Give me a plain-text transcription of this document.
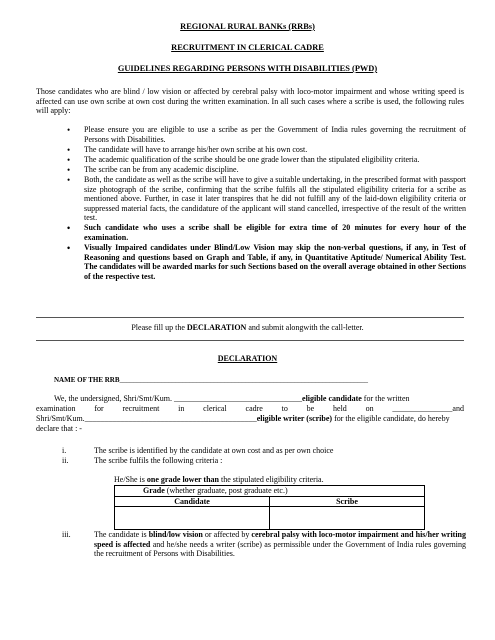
REGIONAL RURAL BANKs (RRBs)
RECRUITMENT IN CLERICAL CADRE
GUIDELINES REGARDING PERSONS WITH DISABILITIES (PWD)
Those candidates who are blind / low vision or affected by cerebral palsy with loco-motor impairment and whose writing speed is affected can use own scribe at own cost during the written examination. In all such cases where a scribe is used, the following rules will apply:
• Please ensure you are eligible to use a scribe as per the Government of India rules governing the recruitment of Persons with Disabilities.
• The candidate will have to arrange his/her own scribe at his own cost.
• The academic qualification of the scribe should be one grade lower than the stipulated eligibility criteria.
• The scribe can be from any academic discipline.
• Both, the candidate as well as the scribe will have to give a suitable undertaking, in the prescribed format with passport size photograph of the scribe, confirming that the scribe fulfils all the stipulated eligibility criteria for a scribe as mentioned above. Further, in case it later transpires that he did not fulfill any of the laid-down eligibility criteria or suppressed material facts, the candidature of the applicant will stand cancelled, irrespective of the result of the written test.
• Such candidate who uses a scribe shall be eligible for extra time of 20 minutes for every hour of the examination.
• Visually Impaired candidates under Blind/Low Vision may skip the non-verbal questions, if any, in Test of Reasoning and questions based on Graph and Table, if any, in Quantitative Aptitude/ Numerical Ability Test. The candidates will be awarded marks for such Sections based on the overall average obtained in other Sections of the respective test.
Please fill up the DECLARATION and submit alongwith the call-letter.
DECLARATION
NAME OF THE RRB_______________________________________________________________________
We, the undersigned, Shri/Smt/Kum. ________________________________eligible candidate for the written
examination for recruitment in clerical cadre to be held on _______________and
Shri/Smt/Kum.___________________________________________eligible writer (scribe) for the eligible candidate, do hereby
declare that : -
i.	The scribe is identified by the candidate at own cost and as per own choice
ii.	The scribe fulfils the following criteria :
He/She is one grade lower than the stipulated eligibility criteria.
Grade (whether graduate, post graduate etc.)	
Candidate	Scribe

iii.	The candidate is blind/low vision or affected by cerebral palsy with loco-motor impairment and his/her writing speed is affected and he/she needs a writer (scribe) as permissible under the Government of India rules governing the recruitment of Persons with Disabilities.
